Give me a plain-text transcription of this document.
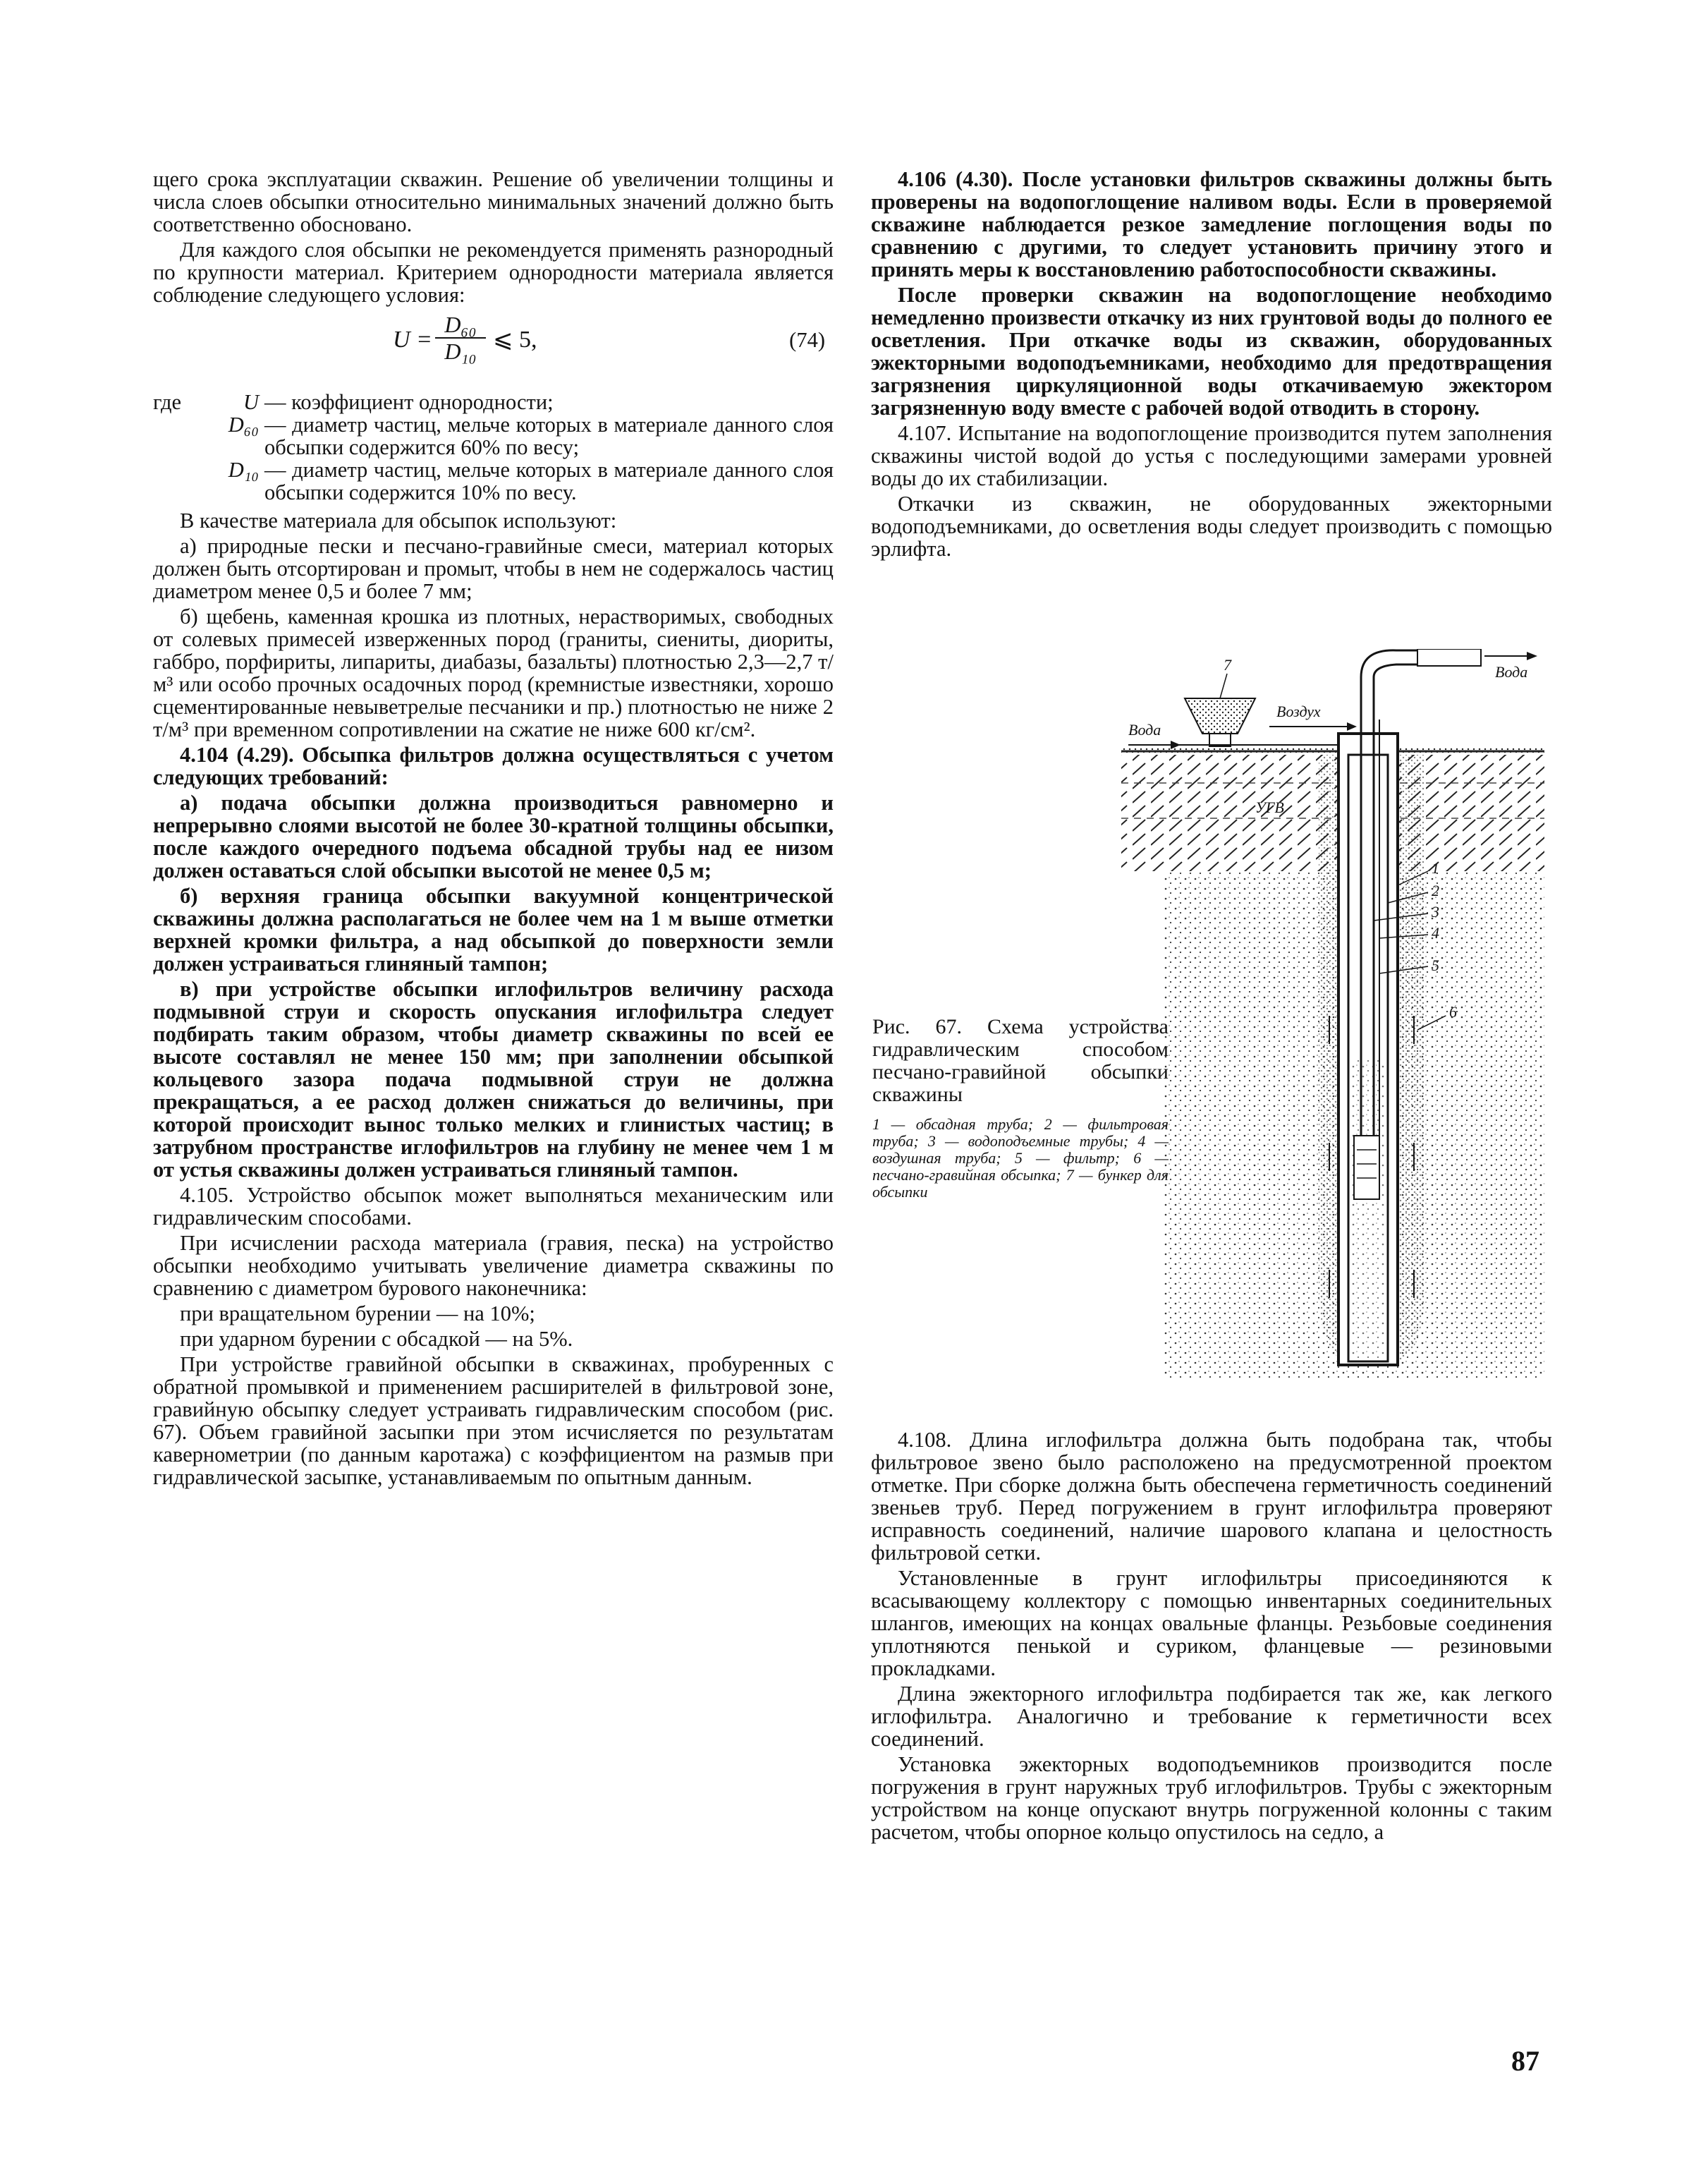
щего срока эксплуатации скважин. Решение об увеличении толщины и числа слоев обсыпки относительно минимальных значений должно быть соответственно обосновано.

Для каждого слоя обсыпки не рекомендуется применять разнородный по крупности материал. Критерием однородности материала является соблюдение следующего условия:

U =
D₆₀
D₁₀ ⩽ 5,	(74)
где	U — коэффициент однородности;
D₆₀ — диаметр частиц, мельче которых в материале данного слоя обсыпки содержится 60% по весу;
D₁₀ — диаметр частиц, мельче которых в материале данного слоя обсыпки содержится 10% по весу.

В качестве материала для обсыпок используют:

а) природные пески и песчано-гравийные смеси, материал которых должен быть отсортирован и промыт, чтобы в нем не содержалось частиц диаметром менее 0,5 и более 7 мм;

б) щебень, каменная крошка из плотных, нерастворимых, свободных от солевых примесей изверженных пород (граниты, сиениты, диориты, габбро, порфириты, липариты, диабазы, базальты) плотностью 2,3—2,7 т/м³ или особо прочных осадочных пород (кремнистые известняки, хорошо сцементированные невыветрелые песчаники и пр.) плотностью не ниже 2 т/м³ при временном сопротивлении на сжатие не ниже 600 кг/см².

4.104 (4.29). Обсыпка фильтров должна осуществляться с учетом следующих требований:

а) подача обсыпки должна производиться равномерно и непрерывно слоями высотой не более 30-кратной толщины обсыпки, после каждого очередного подъема обсадной трубы над ее низом должен оставаться слой обсыпки высотой не менее 0,5 м;

б) верхняя граница обсыпки вакуумной концентрической скважины должна располагаться не более чем на 1 м выше отметки верхней кромки фильтра, а над обсыпкой до поверхности земли должен устраиваться глиняный тампон;

в) при устройстве обсыпки иглофильтров величину расхода подмывной струи и скорость опускания иглофильтра следует подбирать таким образом, чтобы диаметр скважины по всей ее высоте составлял не менее 150 мм; при заполнении обсыпкой кольцевого зазора подача подмывной струи не должна прекращаться, а ее расход должен снижаться до величины, при которой происходит вынос только мелких и глинистых частиц; в затрубном пространстве иглофильтров на глубину не менее чем 1 м от устья скважины должен устраиваться глиняный тампон.

4.105. Устройство обсыпок может выполняться механическим или гидравлическим способами.

При исчислении расхода материала (гравия, песка) на устройство обсыпки необходимо учитывать увеличение диаметра скважины по сравнению с диаметром бурового наконечника:

при вращательном бурении — на 10%;

при ударном бурении с обсадкой — на 5%.

При устройстве гравийной обсыпки в скважинах, пробуренных с обратной промывкой и применением расширителей в фильтровой зоне, гравийную обсыпку следует устраивать гидравлическим способом (рис. 67). Объем гравийной засыпки при этом исчисляется по результатам кавернометрии (по данным каротажа) с коэффициентом на размыв при гидравлической засыпке, устанавливаемым по опытным данным.

4.106 (4.30). После установки фильтров скважины должны быть проверены на водопоглощение наливом воды. Если в проверяемой скважине наблюдается резкое замедление поглощения воды по сравнению с другими, то следует установить причину этого и принять меры к восстановлению работоспособности скважины.

После проверки скважин на водопоглощение необходимо немедленно произвести откачку из них грунтовой воды до полного ее осветления. При откачке воды из скважин, оборудованных эжекторными водоподъемниками, необходимо для предотвращения загрязнения циркуляционной воды откачиваемую эжектором загрязненную воду вместе с рабочей водой отводить в сторону.

4.107. Испытание на водопоглощение производится путем заполнения скважины чистой водой до устья с последующими замерами уровней воды до их стабилизации.

Откачки из скважин, не оборудованных эжекторными водоподъемниками, до осветления воды следует производить с помощью эрлифта.

Вода
Воздух
Вода
УГВ
7
1
2
3
4
5
6
Рис. 67. Схема устройства гидравлическим способом песчано-гравийной обсыпки скважины
1 — обсадная труба; 2 — фильтровая труба; 3 — водоподъемные трубы; 4 — воздушная труба; 5 — фильтр; 6 — песчано-гравийная обсыпка; 7 — бункер для обсыпки

4.108. Длина иглофильтра должна быть подобрана так, чтобы фильтровое звено было расположено на предусмотренной проектом отметке. При сборке должна быть обеспечена герметичность соединений звеньев труб. Перед погружением в грунт иглофильтра проверяют исправность соединений, наличие шарового клапана и целостность фильтровой сетки.

Установленные в грунт иглофильтры присоединяются к всасывающему коллектору с помощью инвентарных соединительных шлангов, имеющих на концах овальные фланцы. Резьбовые соединения уплотняются пенькой и суриком, фланцевые — резиновыми прокладками.

Длина эжекторного иглофильтра подбирается так же, как легкого иглофильтра. Аналогично и требование к герметичности всех соединений.

Установка эжекторных водоподъемников производится после погружения в грунт наружных труб иглофильтров. Трубы с эжекторным устройством на конце опускают внутрь погруженной колонны с таким расчетом, чтобы опорное кольцо опустилось на седло, а

87
